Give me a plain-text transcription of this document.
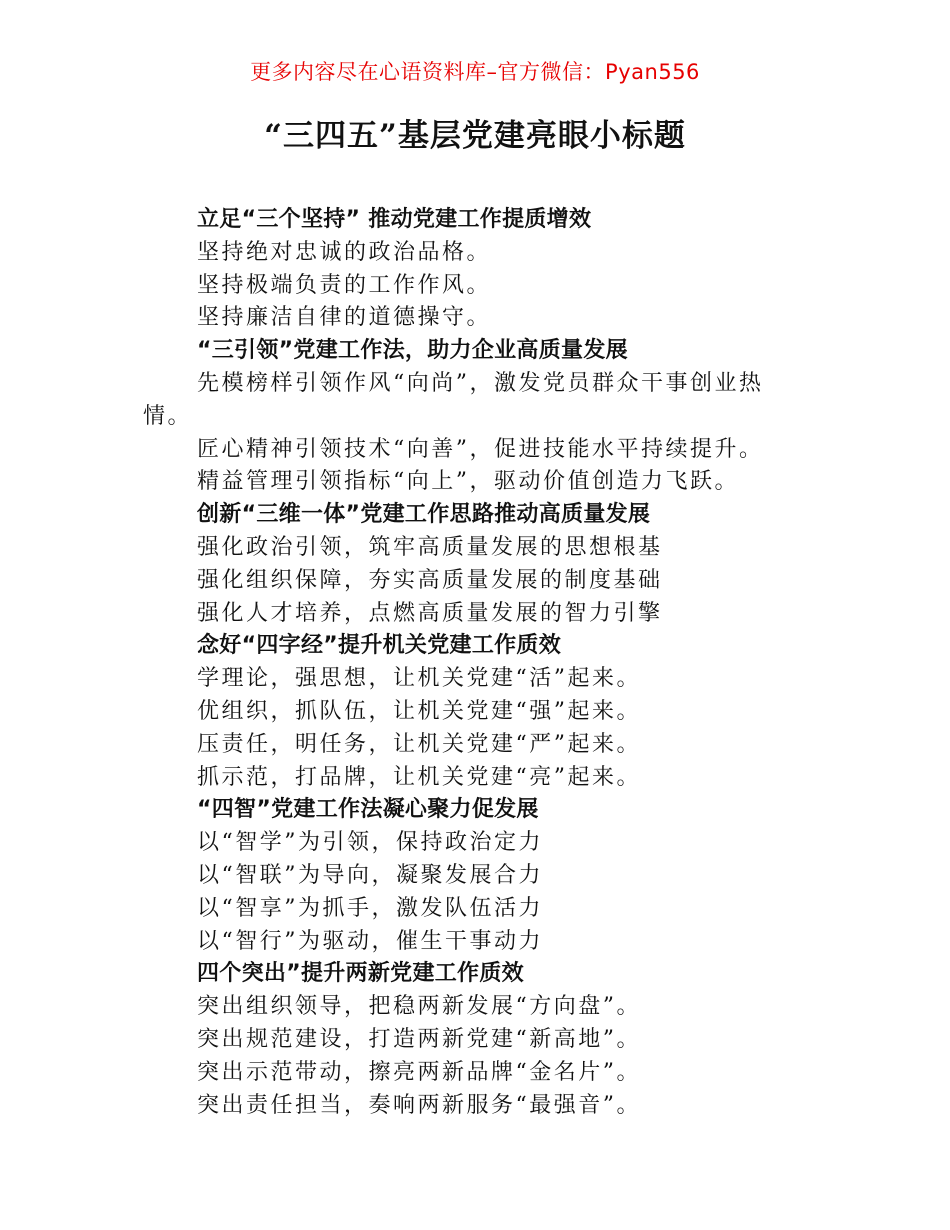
更多内容尽在心语资料库–官方微信：Pyan556
“三四五”基层党建亮眼小标题
立足“三个坚持” 推动党建工作提质增效
坚持绝对忠诚的政治品格。
坚持极端负责的工作作风。
坚持廉洁自律的道德操守。
“三引领”党建工作法，助力企业高质量发展
先模榜样引领作风“向尚”，激发党员群众干事创业热
情。
匠心精神引领技术“向善”，促进技能水平持续提升。
精益管理引领指标“向上”，驱动价值创造力飞跃。
创新“三维一体”党建工作思路推动高质量发展
强化政治引领，筑牢高质量发展的思想根基
强化组织保障，夯实高质量发展的制度基础
强化人才培养，点燃高质量发展的智力引擎
念好“四字经”提升机关党建工作质效
学理论，强思想，让机关党建“活”起来。
优组织，抓队伍，让机关党建“强”起来。
压责任，明任务，让机关党建“严”起来。
抓示范，打品牌，让机关党建“亮”起来。
“四智”党建工作法凝心聚力促发展
以“智学”为引领，保持政治定力
以“智联”为导向，凝聚发展合力
以“智享”为抓手，激发队伍活力
以“智行”为驱动，催生干事动力
四个突出”提升两新党建工作质效
突出组织领导，把稳两新发展“方向盘”。
突出规范建设，打造两新党建“新高地”。
突出示范带动，擦亮两新品牌“金名片”。
突出责任担当，奏响两新服务“最强音”。
